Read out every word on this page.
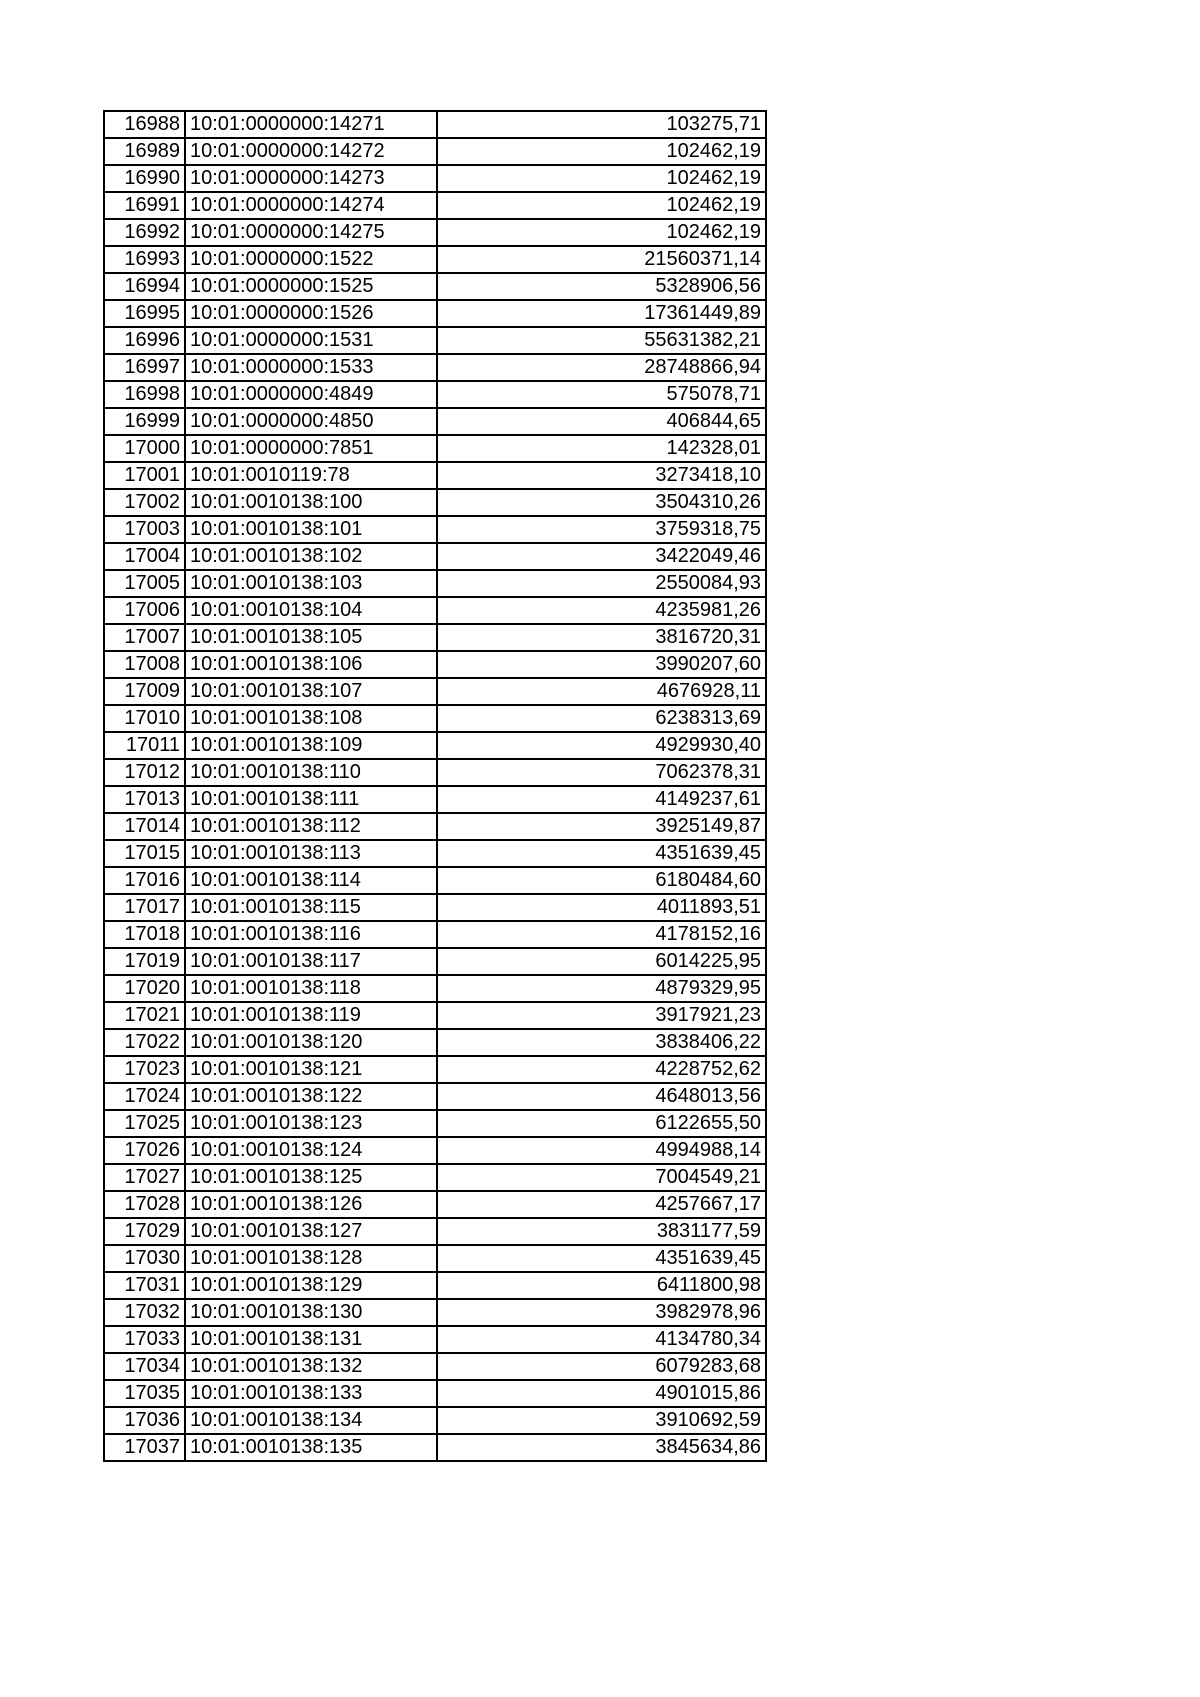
16988	10:01:0000000:14271	103275,71
16989	10:01:0000000:14272	102462,19
16990	10:01:0000000:14273	102462,19
16991	10:01:0000000:14274	102462,19
16992	10:01:0000000:14275	102462,19
16993	10:01:0000000:1522	21560371,14
16994	10:01:0000000:1525	5328906,56
16995	10:01:0000000:1526	17361449,89
16996	10:01:0000000:1531	55631382,21
16997	10:01:0000000:1533	28748866,94
16998	10:01:0000000:4849	575078,71
16999	10:01:0000000:4850	406844,65
17000	10:01:0000000:7851	142328,01
17001	10:01:0010119:78	3273418,10
17002	10:01:0010138:100	3504310,26
17003	10:01:0010138:101	3759318,75
17004	10:01:0010138:102	3422049,46
17005	10:01:0010138:103	2550084,93
17006	10:01:0010138:104	4235981,26
17007	10:01:0010138:105	3816720,31
17008	10:01:0010138:106	3990207,60
17009	10:01:0010138:107	4676928,11
17010	10:01:0010138:108	6238313,69
17011	10:01:0010138:109	4929930,40
17012	10:01:0010138:110	7062378,31
17013	10:01:0010138:111	4149237,61
17014	10:01:0010138:112	3925149,87
17015	10:01:0010138:113	4351639,45
17016	10:01:0010138:114	6180484,60
17017	10:01:0010138:115	4011893,51
17018	10:01:0010138:116	4178152,16
17019	10:01:0010138:117	6014225,95
17020	10:01:0010138:118	4879329,95
17021	10:01:0010138:119	3917921,23
17022	10:01:0010138:120	3838406,22
17023	10:01:0010138:121	4228752,62
17024	10:01:0010138:122	4648013,56
17025	10:01:0010138:123	6122655,50
17026	10:01:0010138:124	4994988,14
17027	10:01:0010138:125	7004549,21
17028	10:01:0010138:126	4257667,17
17029	10:01:0010138:127	3831177,59
17030	10:01:0010138:128	4351639,45
17031	10:01:0010138:129	6411800,98
17032	10:01:0010138:130	3982978,96
17033	10:01:0010138:131	4134780,34
17034	10:01:0010138:132	6079283,68
17035	10:01:0010138:133	4901015,86
17036	10:01:0010138:134	3910692,59
17037	10:01:0010138:135	3845634,86
